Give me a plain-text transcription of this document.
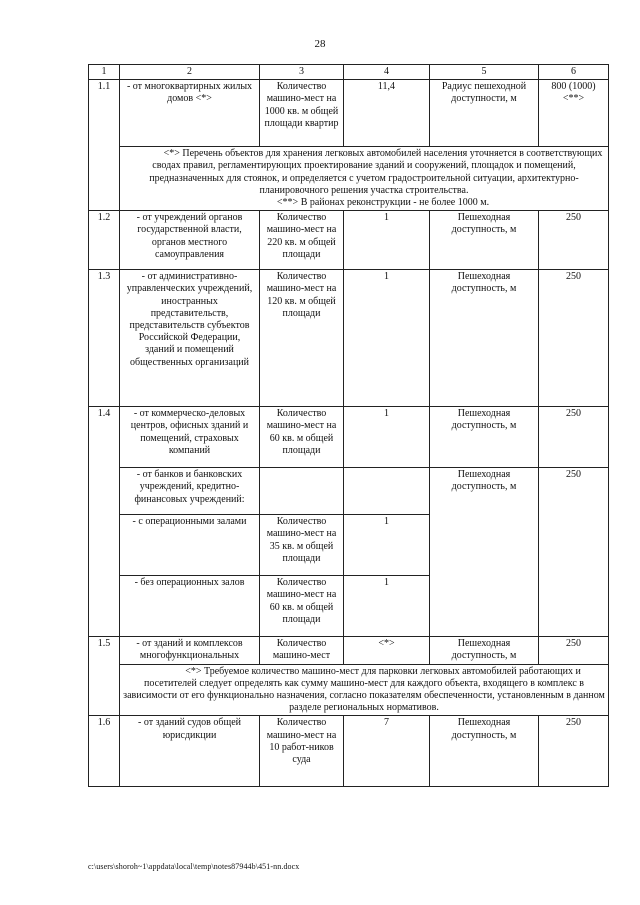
28
1	2	3	4	5	6
1.1	- от многоквартирных жилых домов <*>	Количество машино-мест на 1000 кв. м общей площади квартир	11,4	Радиус пешеходной доступности, м	800 (1000) <**>

	<*> Перечень объектов для хранения легковых автомобилей населения уточняется в соответствующих сводах правил, регламентирующих проектирование зданий и сооружений, площадок и помещений, предназначенных для стоянок, и определяется с учетом градостроительной ситуации, архитектурно-планировочного решения участка строительства.
<**> В районах реконструкции - не более 1000 м.				

1.2	- от учреждений органов государственной власти, органов местного самоуправления	Количество машино-мест на 220 кв. м общей площади	1	Пешеходная доступность, м	250
1.3	- от административно-управленческих учреждений, иностранных представительств, представительств субъектов Российской Федерации, зданий и помещений общественных организаций	Количество машино-мест на 120 кв. м общей площади	1	Пешеходная доступность, м	250
1.4	- от коммерческо-деловых центров, офисных зданий и помещений, страховых компаний	Количество машино-мест на 60 кв. м общей площади	1	Пешеходная доступность, м	250
	- от банков и банковских учреждений, кредитно-финансовых учреждений:			Пешеходная доступность, м	250
	- с операционными залами	Количество машино-мест на 35 кв. м общей площади	1		
	- без операционных залов	Количество машино-мест на 60 кв. м общей площади	1		
1.5	- от зданий и комплексов многофункциональных	Количество машино-мест	<*>	Пешеходная доступность, м	250

	<*> Требуемое количество машино-мест для парковки легковых автомобилей работающих и посетителей следует определять как сумму машино-мест для каждого объекта, входящего в комплекс в зависимости от его функционально назначения, согласно показателям обеспеченности, установленным в данном разделе региональных нормативов.				

1.6	- от зданий судов общей юрисдикции	Количество машино-мест на 10 работ-ников суда	7	Пешеходная доступность, м	250
c:\users\shoroh~1\appdata\local\temp\notes87944b\451-nn.docx
